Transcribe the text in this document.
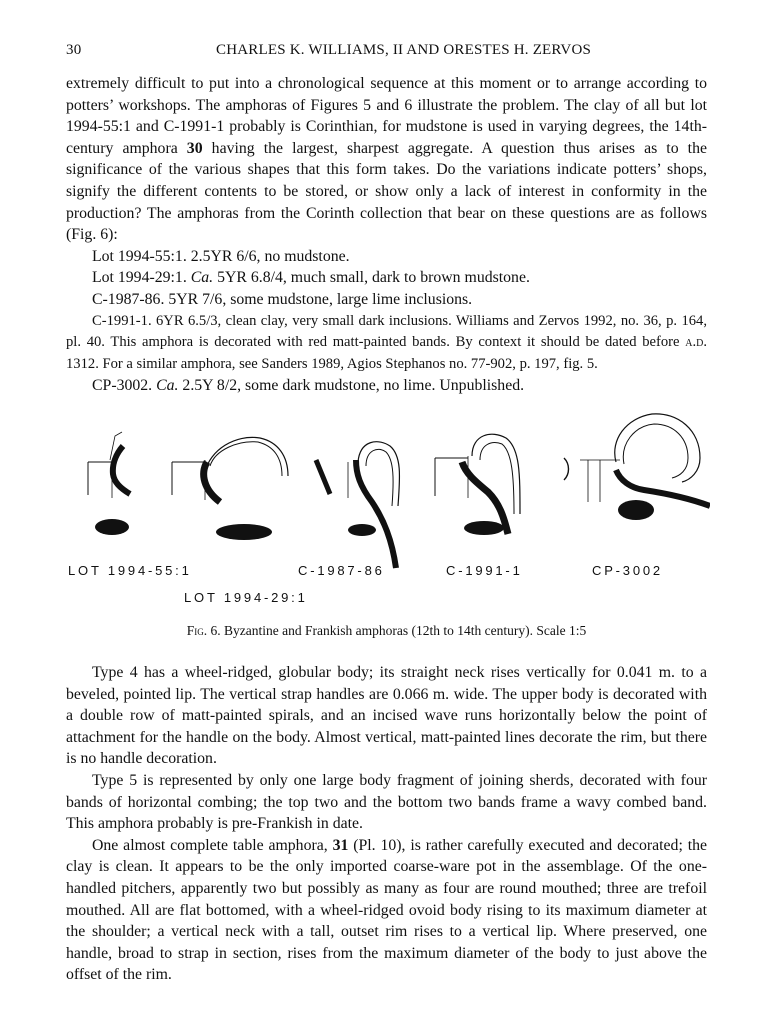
30	CHARLES K. WILLIAMS, II AND ORESTES H. ZERVOS

extremely difficult to put into a chronological sequence at this moment or to arrange according to potters’ workshops. The amphoras of Figures 5 and 6 illustrate the problem. The clay of all but lot 1994-55:1 and C-1991-1 probably is Corinthian, for mudstone is used in varying degrees, the 14th-century amphora 30 having the largest, sharpest aggregate. A question thus arises as to the significance of the various shapes that this form takes. Do the variations indicate potters’ shops, signify the different contents to be stored, or show only a lack of interest in conformity in the production? The amphoras from the Corinth collection that bear on these questions are as follows (Fig. 6):

Lot 1994-55:1. 2.5YR 6/6, no mudstone.

Lot 1994-29:1. Ca. 5YR 6.8/4, much small, dark to brown mudstone.

C-1987-86. 5YR 7/6, some mudstone, large lime inclusions.

C-1991-1. 6YR 6.5/3, clean clay, very small dark inclusions. Williams and Zervos 1992, no. 36, p. 164, pl. 40. This amphora is decorated with red matt-painted bands. By context it should be dated before a.d. 1312. For a similar amphora, see Sanders 1989, Agios Stephanos no. 77-902, p. 197, fig. 5.

CP-3002. Ca. 2.5Y 8/2, some dark mudstone, no lime. Unpublished.

LOT 1994-55:1
LOT 1994-29:1
C-1987-86	C-1991-1	CP-3002
Fig. 6. Byzantine and Frankish amphoras (12th to 14th century). Scale 1:5

Type 4 has a wheel-ridged, globular body; its straight neck rises vertically for 0.041 m. to a beveled, pointed lip. The vertical strap handles are 0.066 m. wide. The upper body is decorated with a double row of matt-painted spirals, and an incised wave runs horizontally below the point of attachment for the handle on the body. Almost vertical, matt-painted lines decorate the rim, but there is no handle decoration.

Type 5 is represented by only one large body fragment of joining sherds, decorated with four bands of horizontal combing; the top two and the bottom two bands frame a wavy combed band. This amphora probably is pre-Frankish in date.

One almost complete table amphora, 31 (Pl. 10), is rather carefully executed and decorated; the clay is clean. It appears to be the only imported coarse-ware pot in the assemblage. Of the one-handled pitchers, apparently two but possibly as many as four are round mouthed; three are trefoil mouthed. All are flat bottomed, with a wheel-ridged ovoid body rising to its maximum diameter at the shoulder; a vertical neck with a tall, outset rim rises to a vertical lip. Where preserved, one handle, broad to strap in section, rises from the maximum diameter of the body to just above the offset of the rim.
